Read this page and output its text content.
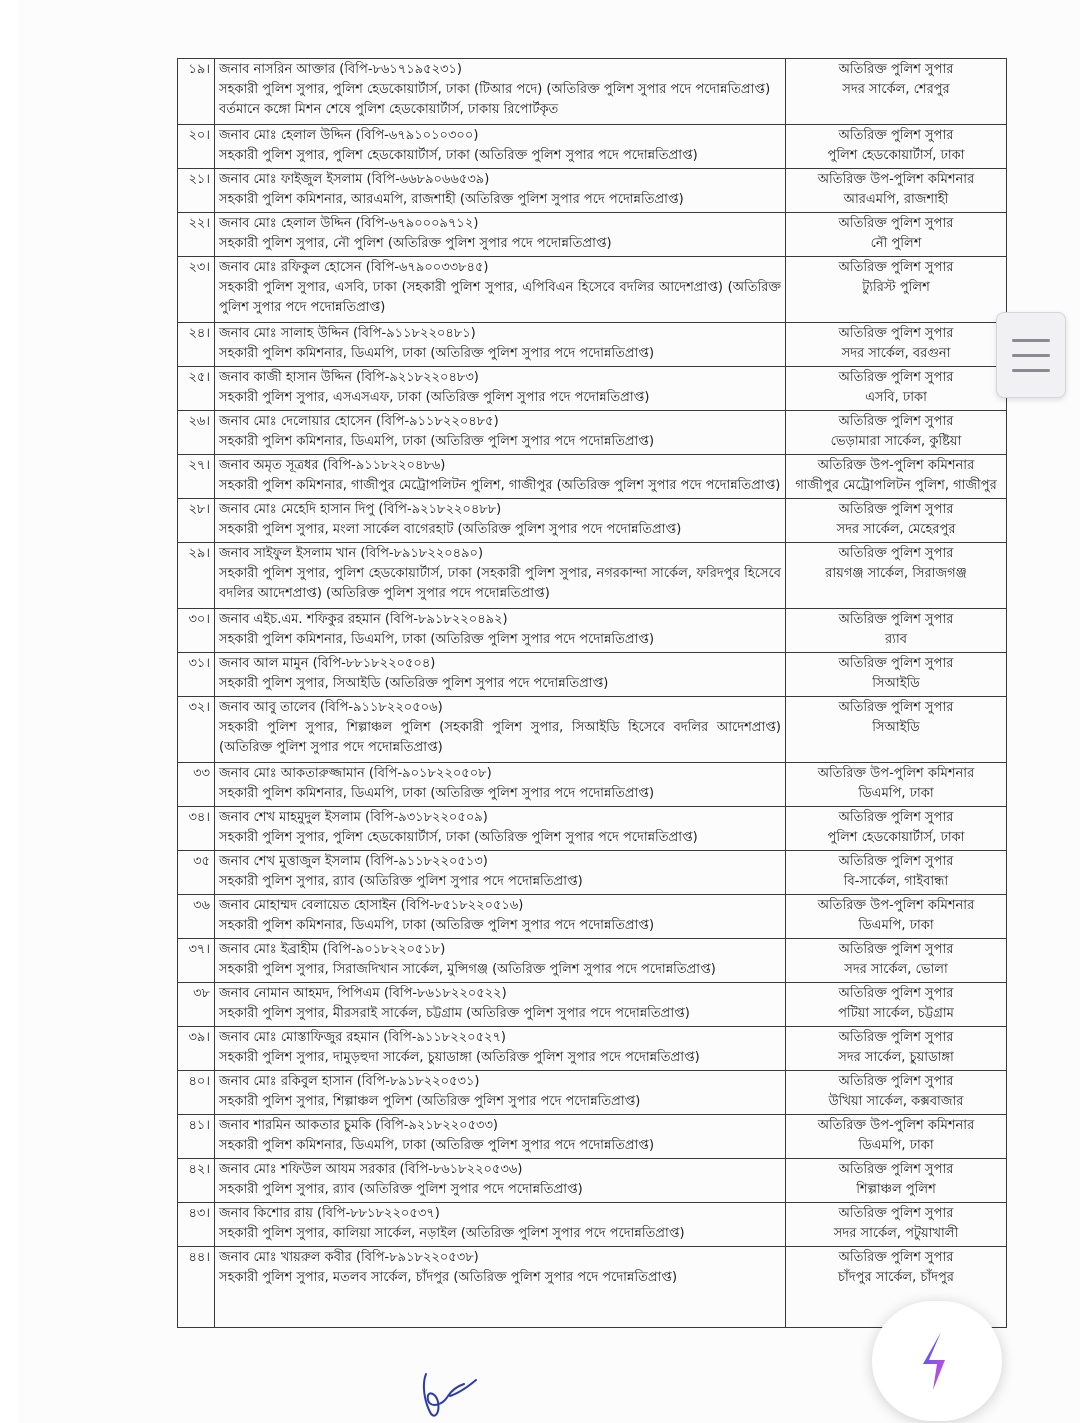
১৯।	জনাব নাসরিন আক্তার (বিপি-৮৬১৭১৯৫২৩১)
সহকারী পুলিশ সুপার, পুলিশ হেডকোয়ার্টার্স, ঢাকা (টিআর পদে) (অতিরিক্ত পুলিশ সুপার পদে পদোন্নতিপ্রাপ্ত)
বর্তমানে কঙ্গো মিশন শেষে পুলিশ হেডকোয়ার্টার্স, ঢাকায় রিপোর্টকৃত	অতিরিক্ত পুলিশ সুপার
সদর সার্কেল, শেরপুর

২০।	জনাব মোঃ হেলাল উদ্দিন (বিপি-৬৭৯১০১০৩০০)
সহকারী পুলিশ সুপার, পুলিশ হেডকোয়ার্টার্স, ঢাকা (অতিরিক্ত পুলিশ সুপার পদে পদোন্নতিপ্রাপ্ত)	অতিরিক্ত পুলিশ সুপার
পুলিশ হেডকোয়ার্টার্স, ঢাকা

২১।	জনাব মোঃ ফাইজুল ইসলাম (বিপি-৬৬৮৯০৬৬৫৩৯)
সহকারী পুলিশ কমিশনার, আরএমপি, রাজশাহী (অতিরিক্ত পুলিশ সুপার পদে পদোন্নতিপ্রাপ্ত)	অতিরিক্ত উপ-পুলিশ কমিশনার
আরএমপি, রাজশাহী

২২।	জনাব মোঃ হেলাল উদ্দিন (বিপি-৬৭৯০০০৯৭১২)
সহকারী পুলিশ সুপার, নৌ পুলিশ (অতিরিক্ত পুলিশ সুপার পদে পদোন্নতিপ্রাপ্ত)	অতিরিক্ত পুলিশ সুপার
নৌ পুলিশ

২৩।	জনাব মোঃ রফিকুল হোসেন (বিপি-৬৭৯০০৩৩৮৪৫)
সহকারী পুলিশ সুপার, এসবি, ঢাকা (সহকারী পুলিশ সুপার, এপিবিএন হিসেবে বদলির আদেশপ্রাপ্ত) (অতিরিক্ত পুলিশ সুপার পদে পদোন্নতিপ্রাপ্ত)	অতিরিক্ত পুলিশ সুপার
ট্যুরিস্ট পুলিশ

২৪।	জনাব মোঃ সালাহ উদ্দিন (বিপি-৯১১৮২২০৪৮১)
সহকারী পুলিশ কমিশনার, ডিএমপি, ঢাকা (অতিরিক্ত পুলিশ সুপার পদে পদোন্নতিপ্রাপ্ত)	অতিরিক্ত পুলিশ সুপার
সদর সার্কেল, বরগুনা

২৫।	জনাব কাজী হাসান উদ্দিন (বিপি-৯২১৮২২০৪৮৩)
সহকারী পুলিশ সুপার, এসএসএফ, ঢাকা (অতিরিক্ত পুলিশ সুপার পদে পদোন্নতিপ্রাপ্ত)	অতিরিক্ত পুলিশ সুপার
এসবি, ঢাকা

২৬।	জনাব মোঃ দেলোয়ার হোসেন (বিপি-৯১১৮২২০৪৮৫)
সহকারী পুলিশ কমিশনার, ডিএমপি, ঢাকা (অতিরিক্ত পুলিশ সুপার পদে পদোন্নতিপ্রাপ্ত)	অতিরিক্ত পুলিশ সুপার
ভেড়ামারা সার্কেল, কুষ্টিয়া

২৭।	জনাব অমৃত সূত্রধর (বিপি-৯১১৮২২০৪৮৬)
সহকারী পুলিশ কমিশনার, গাজীপুর মেট্রোপলিটন পুলিশ, গাজীপুর (অতিরিক্ত পুলিশ সুপার পদে পদোন্নতিপ্রাপ্ত)	অতিরিক্ত উপ-পুলিশ কমিশনার
গাজীপুর মেট্রোপলিটন পুলিশ, গাজীপুর

২৮।	জনাব মোঃ মেহেদি হাসান দিপু (বিপি-৯২১৮২২০৪৮৮)
সহকারী পুলিশ সুপার, মংলা সার্কেল বাগেরহাট (অতিরিক্ত পুলিশ সুপার পদে পদোন্নতিপ্রাপ্ত)	অতিরিক্ত পুলিশ সুপার
সদর সার্কেল, মেহেরপুর

২৯।	জনাব সাইফুল ইসলাম খান (বিপি-৮৯১৮২২০৪৯০)
সহকারী পুলিশ সুপার, পুলিশ হেডকোয়ার্টার্স, ঢাকা (সহকারী পুলিশ সুপার, নগরকান্দা সার্কেল, ফরিদপুর হিসেবে বদলির আদেশপ্রাপ্ত) (অতিরিক্ত পুলিশ সুপার পদে পদোন্নতিপ্রাপ্ত)	অতিরিক্ত পুলিশ সুপার
রায়গঞ্জ সার্কেল, সিরাজগঞ্জ

৩০।	জনাব এইচ.এম. শফিকুর রহমান (বিপি-৮৯১৮২২০৪৯২)
সহকারী পুলিশ কমিশনার, ডিএমপি, ঢাকা (অতিরিক্ত পুলিশ সুপার পদে পদোন্নতিপ্রাপ্ত)	অতিরিক্ত পুলিশ সুপার
র‌্যাব

৩১।	জনাব আল মামুন (বিপি-৮৮১৮২২০৫০৪)
সহকারী পুলিশ সুপার, সিআইডি (অতিরিক্ত পুলিশ সুপার পদে পদোন্নতিপ্রাপ্ত)	অতিরিক্ত পুলিশ সুপার
সিআইডি

৩২।	জনাব আবু তালেব (বিপি-৯১১৮২২০৫০৬)
সহকারী পুলিশ সুপার, শিল্পাঞ্চল পুলিশ (সহকারী পুলিশ সুপার, সিআইডি হিসেবে বদলির আদেশপ্রাপ্ত) (অতিরিক্ত পুলিশ সুপার পদে পদোন্নতিপ্রাপ্ত)	অতিরিক্ত পুলিশ সুপার
সিআইডি

৩৩	জনাব মোঃ আকতারুজ্জামান (বিপি-৯০১৮২২০৫০৮)
সহকারী পুলিশ কমিশনার, ডিএমপি, ঢাকা (অতিরিক্ত পুলিশ সুপার পদে পদোন্নতিপ্রাপ্ত)	অতিরিক্ত উপ-পুলিশ কমিশনার
ডিএমপি, ঢাকা

৩৪।	জনাব শেখ মাহমুদুল ইসলাম (বিপি-৯৩১৮২২০৫০৯)
সহকারী পুলিশ সুপার, পুলিশ হেডকোয়ার্টার্স, ঢাকা (অতিরিক্ত পুলিশ সুপার পদে পদোন্নতিপ্রাপ্ত)	অতিরিক্ত পুলিশ সুপার
পুলিশ হেডকোয়ার্টার্স, ঢাকা

৩৫	জনাব শেখ মুত্তাজুল ইসলাম (বিপি-৯১১৮২২০৫১৩)
সহকারী পুলিশ সুপার, র‌্যাব (অতিরিক্ত পুলিশ সুপার পদে পদোন্নতিপ্রাপ্ত)	অতিরিক্ত পুলিশ সুপার
বি-সার্কেল, গাইবান্ধা

৩৬	জনাব মোহাম্মদ বেলায়েত হোসাইন (বিপি-৮৫১৮২২০৫১৬)
সহকারী পুলিশ কমিশনার, ডিএমপি, ঢাকা (অতিরিক্ত পুলিশ সুপার পদে পদোন্নতিপ্রাপ্ত)	অতিরিক্ত উপ-পুলিশ কমিশনার
ডিএমপি, ঢাকা

৩৭।	জনাব মোঃ ইব্রাহীম (বিপি-৯০১৮২২০৫১৮)
সহকারী পুলিশ সুপার, সিরাজদিখান সার্কেল, মুন্সিগঞ্জ (অতিরিক্ত পুলিশ সুপার পদে পদোন্নতিপ্রাপ্ত)	অতিরিক্ত পুলিশ সুপার
সদর সার্কেল, ভোলা

৩৮	জনাব নোমান আহমদ, পিপিএম (বিপি-৮৬১৮২২০৫২২)
সহকারী পুলিশ সুপার, মীরসরাই সার্কেল, চট্টগ্রাম (অতিরিক্ত পুলিশ সুপার পদে পদোন্নতিপ্রাপ্ত)	অতিরিক্ত পুলিশ সুপার
পটিয়া সার্কেল, চট্টগ্রাম

৩৯।	জনাব মোঃ মোস্তাফিজুর রহমান (বিপি-৯১১৮২২০৫২৭)
সহকারী পুলিশ সুপার, দামুড়হুদা সার্কেল, চুয়াডাঙ্গা (অতিরিক্ত পুলিশ সুপার পদে পদোন্নতিপ্রাপ্ত)	অতিরিক্ত পুলিশ সুপার
সদর সার্কেল, চুয়াডাঙ্গা

৪০।	জনাব মোঃ রকিবুল হাসান (বিপি-৮৯১৮২২০৫৩১)
সহকারী পুলিশ সুপার, শিল্পাঞ্চল পুলিশ (অতিরিক্ত পুলিশ সুপার পদে পদোন্নতিপ্রাপ্ত)	অতিরিক্ত পুলিশ সুপার
উখিয়া সার্কেল, কক্সবাজার

৪১।	জনাব শারমিন আকতার চুমকি (বিপি-৯২১৮২২০৫৩৩)
সহকারী পুলিশ কমিশনার, ডিএমপি, ঢাকা (অতিরিক্ত পুলিশ সুপার পদে পদোন্নতিপ্রাপ্ত)	অতিরিক্ত উপ-পুলিশ কমিশনার
ডিএমপি, ঢাকা

৪২।	জনাব মোঃ শফিউল আযম সরকার (বিপি-৮৬১৮২২০৫৩৬)
সহকারী পুলিশ সুপার, র‌্যাব (অতিরিক্ত পুলিশ সুপার পদে পদোন্নতিপ্রাপ্ত)	অতিরিক্ত পুলিশ সুপার
শিল্পাঞ্চল পুলিশ

৪৩।	জনাব কিশোর রায় (বিপি-৮৮১৮২২০৫৩৭)
সহকারী পুলিশ সুপার, কালিয়া সার্কেল, নড়াইল (অতিরিক্ত পুলিশ সুপার পদে পদোন্নতিপ্রাপ্ত)	অতিরিক্ত পুলিশ সুপার
সদর সার্কেল, পটুয়াখালী

৪৪।	জনাব মোঃ খায়রুল কবীর (বিপি-৮৯১৮২২০৫৩৮)
সহকারী পুলিশ সুপার, মতলব সার্কেল, চাঁদপুর (অতিরিক্ত পুলিশ সুপার পদে পদোন্নতিপ্রাপ্ত)	অতিরিক্ত পুলিশ সুপার
চাঁদপুর সার্কেল, চাঁদপুর
